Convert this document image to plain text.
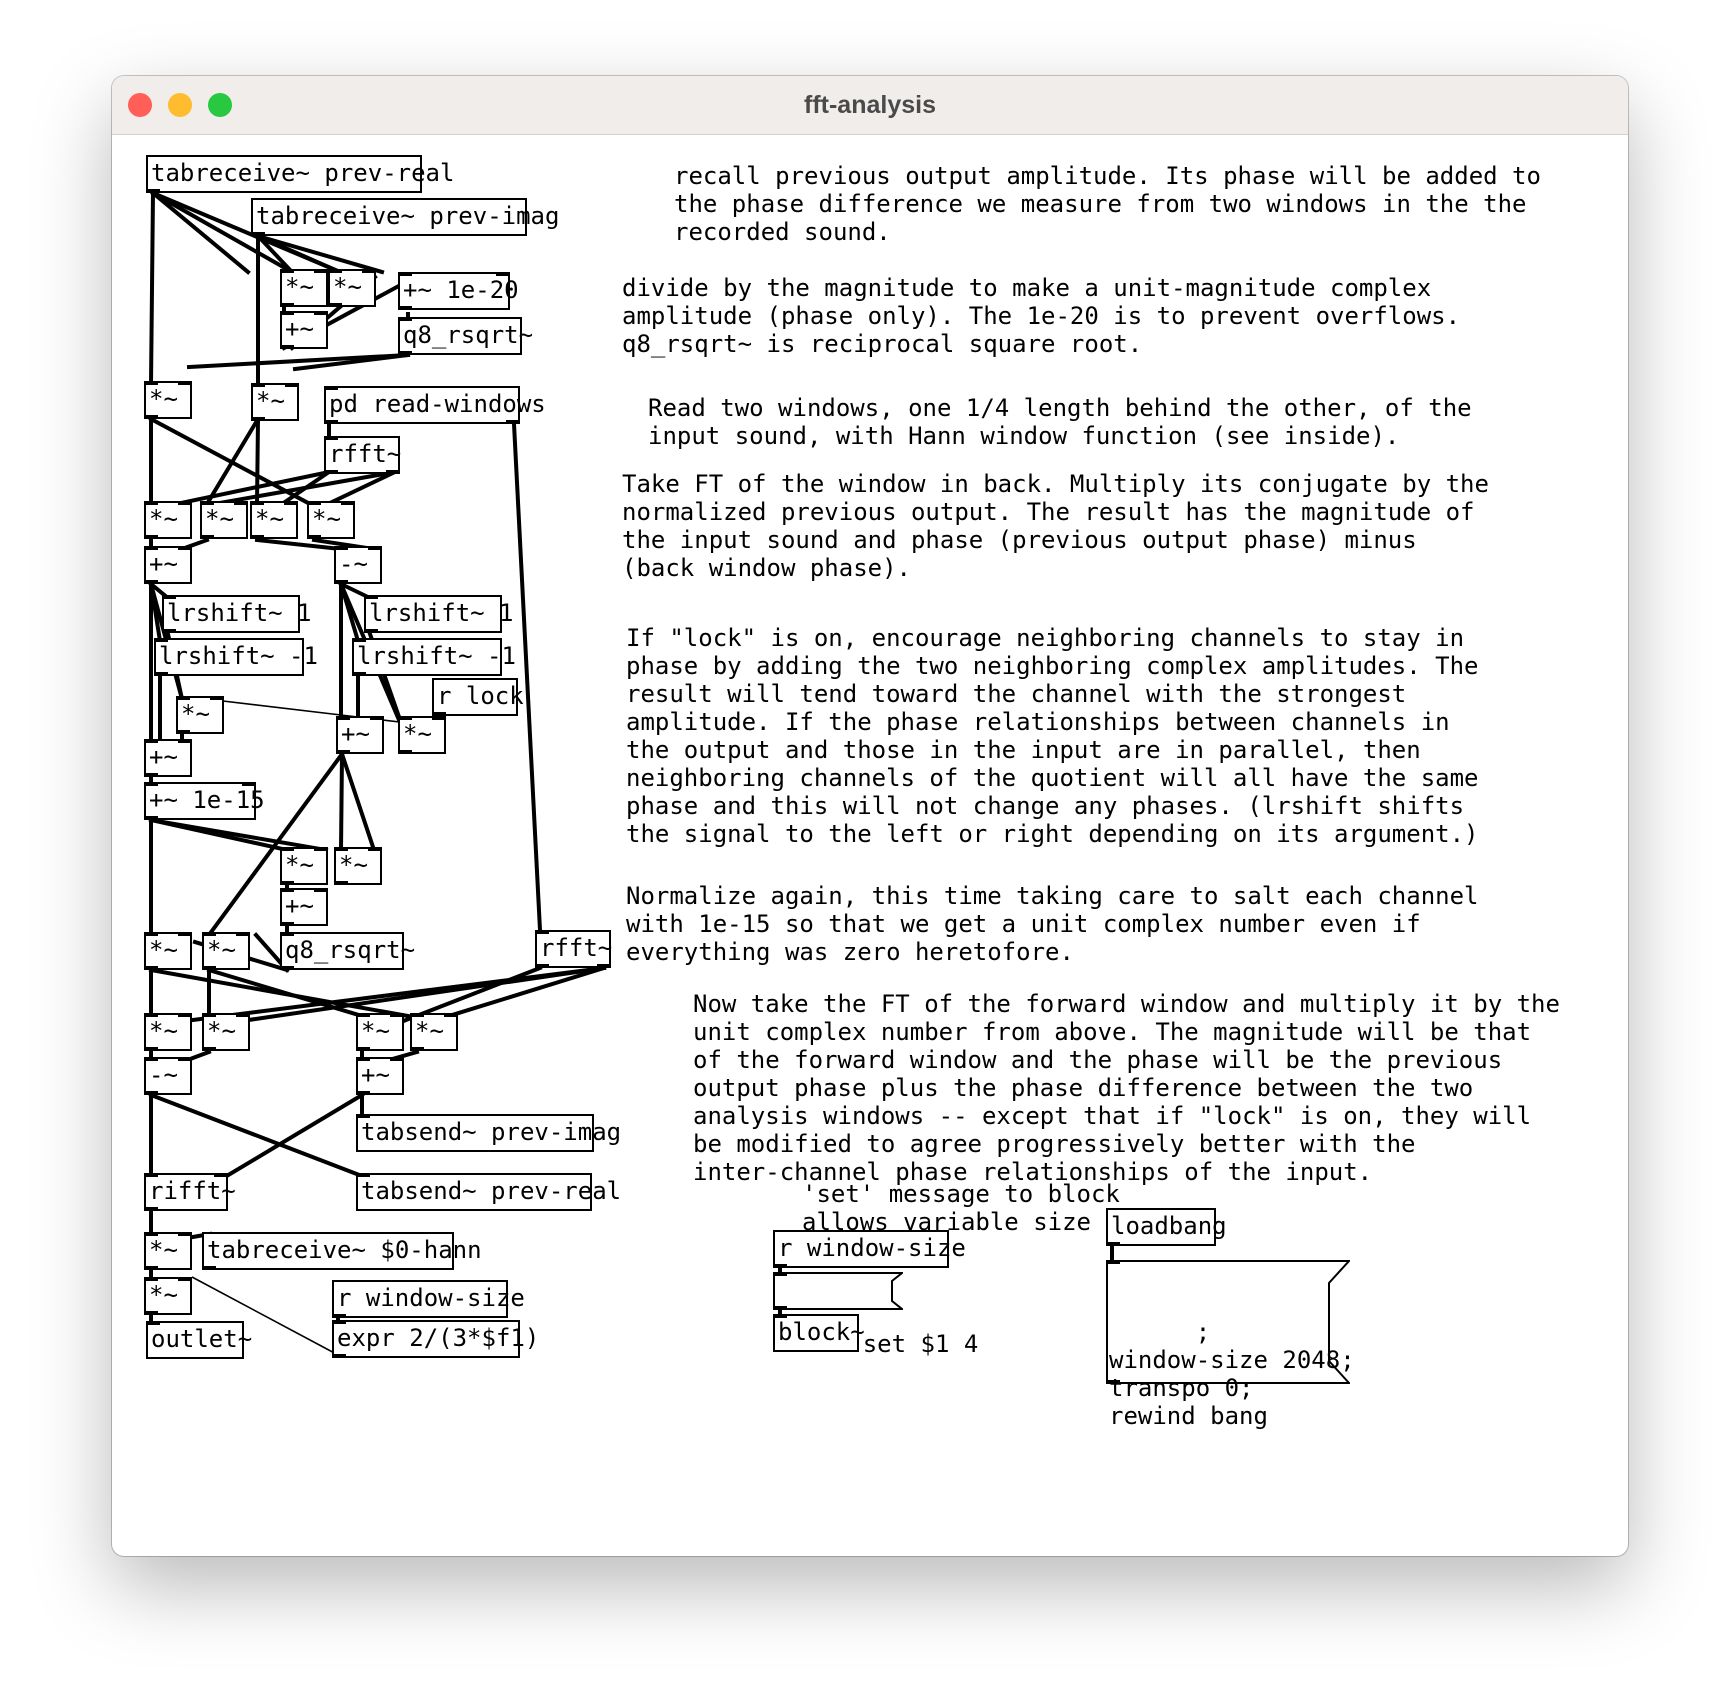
fft-analysis
tabreceive~ prev-real
tabreceive~ prev-imag
*~ *~	+~ 1e-20
+~	q8_rsqrt~
*~	*~	pd read-windows
rfft~
*~	*~ *~	*~
+~	-~
lrshift~ 1 lrshift~ 1
lrshift~ -1 lrshift~ -1
r lock
*~
+~	*~
+~
+~ 1e-15
*~	*~
+~
*~	*~	q8_rsqrt~	rfft~
*~	*~	*~	*~
-~	+~
tabsend~ prev-imag
rifft~	tabsend~ prev-real
*~	tabreceive~ $0-hann
*~	r window-size
outlet~	expr 2/(3*$f1)
r window-size

set $1 4

block~
loadbang

;
window-size 2048;
transpo 0;
rewind bang

recall previous output amplitude. Its phase will be added to
the phase difference we measure from two windows in the the
recorded sound.
divide by the magnitude to make a unit-magnitude complex
amplitude (phase only). The 1e-20 is to prevent overflows.
q8_rsqrt~ is reciprocal square root.
Read two windows, one 1/4 length behind the other, of the
input sound, with Hann window function (see inside).
Take FT of the window in back. Multiply its conjugate by the
normalized previous output. The result has the magnitude of
the input sound and phase (previous output phase) minus
(back window phase).
If "lock" is on, encourage neighboring channels to stay in
phase by adding the two neighboring complex amplitudes. The
result will tend toward the channel with the strongest
amplitude. If the phase relationships between channels in
the output and those in the input are in parallel, then
neighboring channels of the quotient will all have the same
phase and this will not change any phases. (lrshift shifts
the signal to the left or right depending on its argument.)
Normalize again, this time taking care to salt each channel
with 1e-15 so that we get a unit complex number even if
everything was zero heretofore.
Now take the FT of the forward window and multiply it by the
unit complex number from above. The magnitude will be that
of the forward window and the phase will be the previous
output phase plus the phase difference between the two
analysis windows -- except that if "lock" is on, they will
be modified to agree progressively better with the
inter-channel phase relationships of the input.
'set' message to block
allows variable size
